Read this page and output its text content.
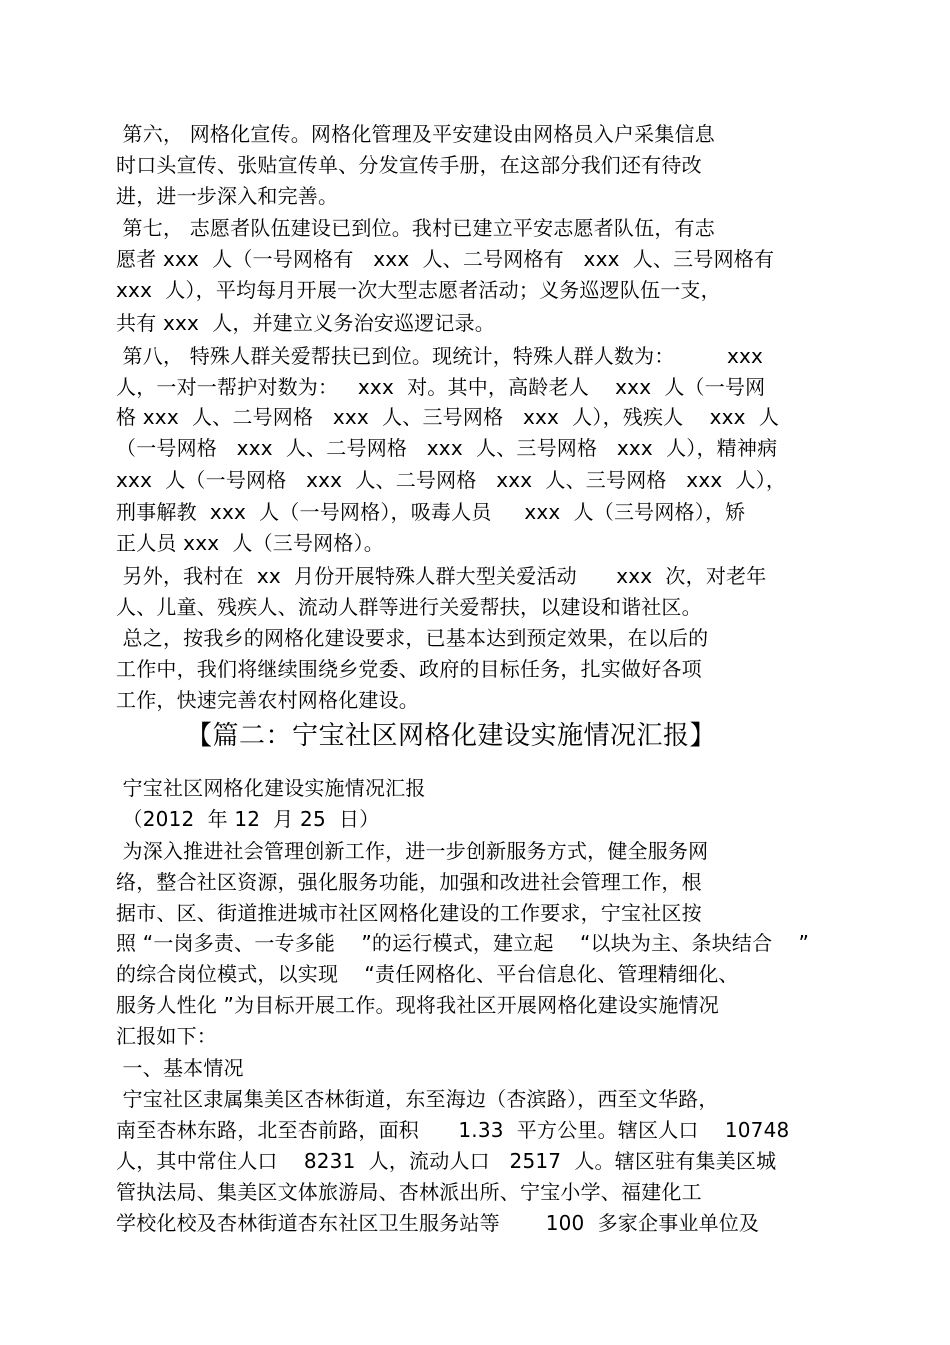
第六， 网格化宣传。网格化管理及平安建设由网格员入户采集信息
时口头宣传、张贴宣传单、分发宣传手册，在这部分我们还有待改
进，进一步深入和完善。
第七， 志愿者队伍建设已到位。我村已建立平安志愿者队伍，有志
愿者 xxx  人（一号网格有   xxx  人、二号网格有   xxx  人、三号网格有
xxx  人），平均每月开展一次大型志愿者活动；义务巡逻队伍一支，
共有 xxx  人，并建立义务治安巡逻记录。
第八， 特殊人群关爱帮扶已到位。现统计，特殊人群人数为：        xxx
人，一对一帮护对数为：   xxx  对。其中，高龄老人    xxx  人（一号网
格 xxx  人、二号网格   xxx  人、三号网格   xxx  人），残疾人    xxx  人
（一号网格   xxx  人、二号网格   xxx  人、三号网格   xxx  人），精神病
xxx  人（一号网格   xxx  人、二号网格   xxx  人、三号网格   xxx  人），
刑事解教  xxx  人（一号网格），吸毒人员     xxx  人（三号网格），矫
正人员 xxx  人（三号网格）。
另外，我村在  xx  月份开展特殊人群大型关爱活动      xxx  次，对老年
人、儿童、残疾人、流动人群等进行关爱帮扶，以建设和谐社区。
总之，按我乡的网格化建设要求，已基本达到预定效果，在以后的
工作中，我们将继续围绕乡党委、政府的目标任务，扎实做好各项
工作，快速完善农村网格化建设。
【篇二：宁宝社区网格化建设实施情况汇报】
宁宝社区网格化建设实施情况汇报
（2012  年 12  月 25  日）
为深入推进社会管理创新工作，进一步创新服务方式，健全服务网
络，整合社区资源，强化服务功能，加强和改进社会管理工作，根
据市、区、街道推进城市社区网格化建设的工作要求，宁宝社区按
照 “一岗多责、一专多能    ”的运行模式，建立起    “以块为主、条块结合    ”
的综合岗位模式，以实现    “责任网格化、平台信息化、管理精细化、
服务人性化 ”为目标开展工作。现将我社区开展网格化建设实施情况
汇报如下：
一、基本情况
宁宝社区隶属集美区杏林街道，东至海边（杏滨路），西至文华路，
南至杏林东路，北至杏前路，面积      1.33  平方公里。辖区人口    10748
人，其中常住人口    8231  人，流动人口   2517  人。辖区驻有集美区城
管执法局、集美区文体旅游局、杏林派出所、宁宝小学、福建化工
学校化校及杏林街道杏东社区卫生服务站等       100  多家企事业单位及
